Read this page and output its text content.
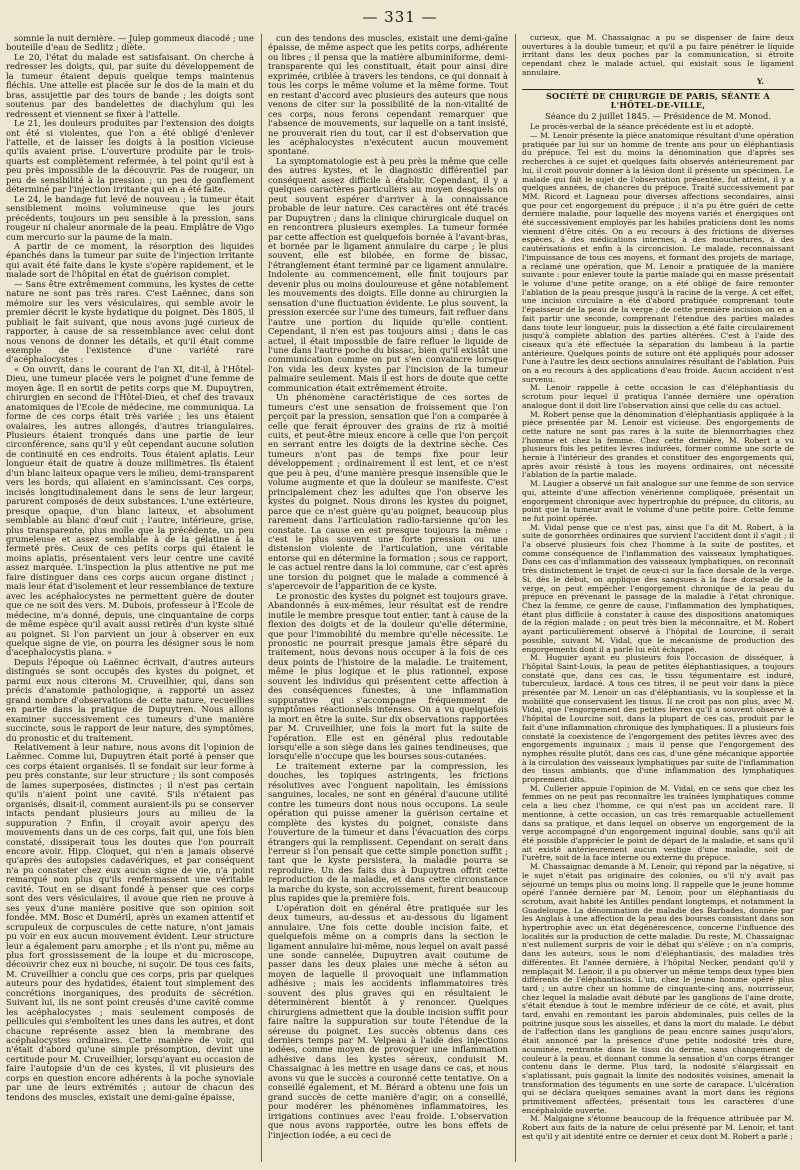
— 331 —

somnie la nuit dernière. — Julep gommeux diacodé ; une bouteille d'eau de Sedlitz ; diète.

Le 20, l'état du malade est satisfaisant. On cherche à redresser les doigts, qui, par suite du développement de la tumeur étaient depuis quelque temps maintenus fléchis. Une attelle est placée sur le dos de la main et du bras, assujettie par des tours de bande ; les doigts sont soutenus par des bandelettes de diachylum qui les redressent et viennent se fixer à l'attelle.

Le 21, les douleurs produites par l'extension des doigts ont été si violentes, que l'on a été obligé d'enlever l'attelle, et de laisser les doigts à la position vicieuse qu'ils avaient prise. L'ouverture produite par le trois-quarts est complètement refermée, à tel point qu'il est à peu près impossible de la découvrir. Pas de rougeur, un peu de sensibilité à la pression ; un peu de gonflement déterminé par l'injection irritante qui en a été faite.

Le 24, le bandage fut levé de nouveau ; la tumeur était sensiblement moins volumineuse que les jours précédents, toujours un peu sensible à la pression, sans rougeur ni chaleur anormale de la peau. Emplâtre de Vigo cum mercurio sur la paume de la main.

A partir de ce moment, la résorption des liquides épanchés dans la tumeur par suite de l'injection irritante qui avait été faite dans le kyste s'opère rapidement, et le malade sort de l'hôpital en état de guérison complet.

— Sans être extrêmement communs, les kystes de cette nature ne sont pas très rares. C'est Laënnec, dans son mémoire sur les vers vésiculaires, qui semble avoir le premier décrit le kyste hydatique du poignet. Dès 1805, il publiait le fait suivant, que nous avons jugé curieux de rapporter, à cause de sa ressemblance avec celui dont nous venons de donner les détails, et qu'il était comme exemple de l'existence d'une variété rare d'acéphalocystes :

« On ouvrit, dans le courant de l'an XI, dit-il, à l'Hôtel-Dieu, une tumeur placée vers le poignet d'une femme de moyen âge. Il en sortit de petits corps que M. Dupuytren, chirurgien en second de l'Hôtel-Dieu, et chef des travaux anatomiques de l'Ecole de médecine, me communiqua. La forme de ces corps était très variée ; les uns étaient ovalaires, les autres allongés, d'autres triangulaires. Plusieurs étaient tronqués dans une partie de leur circonférence, sans qu'il y eût cependant aucune solution de continuité en ces endroits. Tous étaient aplatis. Leur longueur était de quatre à douze millimètres. Ils étaient d'un blanc laiteux opaque vers le milieu, demi-transparent vers les bords, qui allaient en s'amincissant. Ces corps, incisés longitudinalement dans le sens de leur largeur, parurent composés de deux substances. L'une extérieure, presque opaque, d'un blanc laiteux, et absolument semblable au blanc d'œuf cuit ; l'autre, intérieure, grise, plus transparente, plus molle que la précédente, un peu grumeleuse et assez semblable à de la gélatine à la fermeté près. Ceux de ces petits corps qui étaient le moins aplatis, présentaient vers leur centre une cavité assez marquée. L'inspection la plus attentive ne put me faire distinguer dans ces corps aucun organe distinct ; mais leur état d'isolement et leur ressemblance de texture avec les acéphalocystes ne permettent guère de douter que ce ne soit des vers. M. Dubois, professeur à l'Ecole de médecine, m'a donné, depuis, une cinquantaine de corps de même espèce qu'il avait aussi retirés d'un kyste situé au poignet. Si l'on parvient un jour à observer en eux quelque signe de vie, on pourra les désigner sous le nom d'acephalocystis plana. »

Depuis l'époque où Laënnec écrivait, d'autres auteurs distingués se sont occupés des kystes du poignet, et parmi eux nous citerons M. Cruveilhier, qui, dans son précis d'anatomie pathologique, a rapporté un assez grand nombre d'observations de cette nature, recueillies en partie dans la pratique de Dupuytren. Nous allons examiner successivement ces tumeurs d'une manière succincte, sous le rapport de leur nature, des symptômes, du pronostic et du traitement.

Relativement à leur nature, nous avons dit l'opinion de Laënnec. Comme lui, Dupuytren était porté à penser que ces corps étaient organisés. Il se fondait sur leur forme à peu près constante, sur leur structure ; ils sont composés de lames superposées, distinctes ; il n'est pas certain qu'ils n'aient point une cavité. S'ils n'étaient pas organisés, disait-il, comment auraient-ils pu se conserver intacts pendant plusieurs jours au milieu de la suppuration ? Enfin, il croyait avoir aperçu des mouvements dans un de ces corps, fait qui, une fois bien constaté, dissiperait tous les doutes que l'on pourrait encore avoir. Hipp. Cloquet, qui n'en a jamais observé qu'après des autopsies cadavériques, et par conséquent n'a pu constater chez eux aucun signe de vie, n'a point remarqué non plus qu'ils renfermassent une véritable cavité. Tout en se disant fondé à penser que ces corps sont des vers vésiculaires, il avoue que rien ne prouve à ses yeux d'une manière positive que son opinion soit fondée. MM. Bosc et Duméril, après un examen attentif et scrupuleux de corpuscules de cette nature, n'ont jamais pu voir en eux aucun mouvement évident. Leur structure leur a également paru amorphe ; et ils n'ont pu, même au plus fort grossissement de la loupe et du microscope, découvrir chez eux ni bouche, ni suçoir. De tous ces faits, M. Cruveilhier a conclu que ces corps, pris par quelques auteurs pour des hydatides, étaient tout simplement des concrétions inorganiques, des produits de sécrétion. Suivant lui, ils ne sont point creusés d'une cavité comme les acéphalocystes ; mais seulement composés de pellicules qui s'emboîtent les unes dans les autres, et dont chacune représente assez bien la membrane des acéphalocystes ordinaires. Cette manière de voir, qui n'était d'abord qu'une simple présomption, devint une certitude pour M. Cruveilhier, lorsqu'ayant eu occasion de faire l'autopsie d'un de ces kystes, il vit plusieurs des corps en question encore adhérents à la poche synoviale par une de leurs extrémités ; autour de chacun des tendons des muscles, existait une demi-gaîne épaisse,

cun des tendons des muscles, existait une demi-gaîne épaisse, de même aspect que les petits corps, adhérente ou libres ; il pensa que la matière albuminiforme, demi-transparente qui les constituait, était pour ainsi dire exprimée, criblée à travers les tendons, ce qui donnait à tous les corps le même volume et la même forme. Tout en restant d'accord avec plusieurs des auteurs que nous venons de citer sur la possibilité de la non-vitalité de ces corps, nous ferons cependant remarquer que l'absence de mouvements, sur laquelle on a tant insisté, ne prouverait rien du tout, car il est d'observation que les acéphalocystes n'exécutent aucun mouvement spontané.

La symptomatologie est à peu près la même que celle des autres kystes, et le diagnostic différentiel par conséquent assez difficile à établir. Cependant, il y a quelques caractères particuliers au moyen desquels on peut souvent espérer d'arriver à la connaissance probable de leur nature. Ces caractères ont été tracés par Dupuytren ; dans la clinique chirurgicale duquel on en rencontrera plusieurs exemples. La tumeur formée par cette affection est quelquefois bornée à l'avant-bras, et bornée par le ligament annulaire du carpe ; le plus souvent, elle est bilobée, en forme de bissac, l'étranglement étant terminé par ce ligament annulaire. Indolente au commencement, elle finit toujours par devenir plus ou moins douloureuse et gêne notablement les mouvements des doigts. Elle donne au chirurgien la sensation d'une fluctuation évidente. Le plus souvent, la pression exercée sur l'une des tumeurs, fait refluer dans l'autre une portion du liquide qu'elle contient. Cependant, il n'en est pas toujours ainsi ; dans le cas actuel, il était impossible de faire refluer le liquide de l'une dans l'autre poche du bissac, bien qu'il existât une communication comme on put s'en convaincre lorsque l'on vida les deux kystes par l'incision de la tumeur palmaire seulement. Mais il est hors de doute que cette communication était extrêmement étroite.

Un phénomène caractéristique de ces sortes de tumeurs c'est une sensation de froissement que l'on perçoit par la pression, sensation que l'on a comparée à celle que ferait éprouver des grains de riz à moitié cuits, et peut-être mieux encore à celle que l'on perçoit en serrant entre les doigts de la dextrine sèche. Ces tumeurs n'ont pas de temps fixe pour leur développement ; ordinairement il est lent, et ce n'est que peu à peu, d'une manière presque insensible que le volume augmente et que la douleur se manifeste. C'est principalement chez les adultes que l'on observe les kystes du poignet. Nous dirons les kystes du poignet, parce que ce n'est guère qu'au poignet, beaucoup plus rarement dans l'articulation radio-tarsienne qu'on les constate. La cause en est presque toujours la même : c'est le plus souvent une forte pression ou une distension violente de l'articulation, une véritable entorse qui en détermine la formation ; sous ce rapport, le cas actuel rentre dans la loi commune, car c'est après une torsion du poignet que le malade a commencé à s'apercevoir de l'apparition de ce kyste.

Le pronostic des kystes du poignet est toujours grave. Abandonnés à eux-mêmes, leur résultat est de rendre inutile le membre presque tout entier, tant à cause de la flexion des doigts et de la douleur qu'elle détermine, que pour l'immobilité du membre qu'elle nécessite. Le pronostic ne pourrait presque jamais être séparé du traitement, nous devons nous occuper à la fois de ces deux points de l'histoire de la maladie. Le traitement, même le plus logique et le plus rationnel, expose souvent les individus qui présentent cette affection à des conséquences funestes, à une inflammation suppurative qui s'accompagne fréquemment de symptômes réactionnels intenses. On a vu quelquefois la mort en être la suite. Sur dix observations rapportées par M. Cruveilhier, une fois la mort fut la suite de l'opération. Elle est en général plus redoutable lorsqu'elle a son siège dans les gaines tendineuses, que lorsqu'elle n'occupe que les bourses sous-cutanées.

Le traitement externe par la compression, les douches, les topiques astringents, les frictions résolutives avec l'onguent napolitain, les émissions sanguines, locales, ne sont en général d'aucune utilité contre les tumeurs dont nous nous occupons. La seule opération qui puisse amener la guérison certaine et complète des kystes du poignet, consiste dans l'ouverture de la tumeur et dans l'évacuation des corps étrangers qui la remplissent. Cependant on serait dans l'erreur si l'on pensait que cette simple ponction suffit ; tant que le kyste persistera, la maladie pourra se reproduire. Un des faits dus à Dupuytren offrit cette reproduction de la maladie, et dans cette circonstance la marche du kyste, son accroissement, furent beaucoup plus rapides que la première fois.

L'opération doit en général être pratiquée sur les deux tumeurs, au-dessus et au-dessous du ligament annulaire. Une fois cette double incision faite, et quelquefois même on a compris dans la section le ligament annulaire lui-même, nous lequel on avait passé une sonde cannelée, Dupuytren avait coutume de passer dans les deux plaies une mèche à séton au moyen de laquelle il provoquait une inflammation adhésive ; mais les accidents inflammatoires très souvent des plus graves qui en résultaient le déterminèrent bientôt à y renoncer. Quelques chirurgiens admettent que la double incision suffit pour faire naître la suppuration sur toute l'étendue de la séreuse du poignet. Les succès obtenus dans ces derniers temps par M. Velpeau à l'aide des injections iodées, comme moyen de provoquer une inflammation adhésive dans les kystes séreux, conduisit M. Chassaignac à les mettre en usage dans ce cas, et nous avons vu que le succès a couronné cette tentative. On a conseillé également, et M. Bérard a obtenu une fois un grand succès de cette manière d'agir, on a conseillé, pour modérer les phénomènes inflammatoires, les irrigations continues avec l'eau froide. L'observation que nous avons rapportée, outre les bons effets de l'injection iodée, a eu ceci de

curieux, que M. Chassaignac a pu se dispenser de faire deux ouvertures à la double tumeur, et qu'il a pu faire pénétrer le liquide irritant dans les deux poches par la communication, si étroite cependant chez le malade actuel, qui existait sous le ligament annulaire.

Y.

SOCIÉTÉ DE CHIRURGIE DE PARIS, SÉANTE A L'HÔTEL-DE-VILLE,

Séance du 2 juillet 1845. — Présidence de M. Monod.

Le procès-verbal de la séance précédente est lu et adopté.

— M. Lenoir présente la pièce anatomique résultant d'une opération pratiquée par lui sur un homme de trente ans pour un éléphantiasis du prépuce. Tel est du moins la dénomination que d'après ses recherches à ce sujet et quelques faits observés antérieurement par lui, il croit pouvoir donner à la lésion dont il présente un spécimen. Le malade qui fait le sujet de l'observation présentée, fut atteint, il y a quelques années, de chancres du prépuce. Traité successivement par MM. Ricord et Lagneau pour diverses affections secondaires, ainsi que pour cet engorgement du prépuce ; il n'a pu être guéri de cette dernière maladie, pour laquelle des moyens variés et énergiques ont été successivement employés par les habiles praticiens dont les noms viennent d'être cités. On a eu recours à des frictions de diverses espèces, à des médications internes, à des mouchetures, à des cautérisations et enfin à la circoncision. Le malade, reconnaissant l'impuissance de tous ces moyens, et formant des projets de mariage, a réclamé une opération, que M. Lenoir a pratiquée de la manière suivante : pour enlever toute la partie malade qui en masse présentait le volume d'une petite orange, on a été obligé de faire remonter l'ablation de la peau presque jusqu'à la racine de la verge. A cet effet, une incision circulaire a été d'abord pratiquée comprenant toute l'épaisseur de la peau de la verge ; de cette première incision on en a fait partir une seconde, comprenant l'étendue des parties malades dans toute leur longueur, puis la dissection a été faite circulairement jusqu'à complète ablation des parties altérées. C'est à l'aide des ciseaux qu'a été effectuée la séparation du lambeau à la partie antérieure. Quelques points de suture ont été appliqués pour adosser l'une à l'autre les deux sections annulaires résultant de l'ablation. Puis on a eu recours à des applications d'eau froide. Aucun accident n'est survenu.

M. Lenoir rappelle à cette occasion le cas d'éléphantiasis du scrotum pour lequel il pratiqua l'année dernière une opération analogue dont il doit lire l'observation ainsi que celle du cas actuel.

M. Robert pense que la dénomination d'éléphantiasis appliquée à la pièce présentée par M. Lenoir est vicieuse. Des engorgements de cette nature ne sont pas rares à la suite de blennorrhagies chez l'homme et chez la femme. Chez cette dernière, M. Robert a vu plusieurs fois les petites lèvres indurées, former comme une sorte de hernie à l'intérieur des grandes et constituer des engorgements qui, après avoir résisté à tous les moyens ordinaires, ont nécessité l'ablation de la partie malade.

M. Laugier a observé un fait analogue sur une femme de son service qui, atteinte d'une affection vénérienne compliquée, présentait un engorgement chronique avec hypertrophie du prépuce, du clitoris, au point que la tumeur avait le volume d'une petite poire. Cette femme ne fut point opérée.

M. Vidal pense que ce n'est pas, ainsi que l'a dit M. Robert, à la suite de gonorrhées ordinaires que survient l'accident dont il s'agit ; il l'a observé plusieurs fois chez l'homme à la suite de postites, et comme conséquence de l'inflammation des vaisseaux lymphatiques. Dans ces cas d'inflammation des vaisseaux lymphatiques, on reconnaît très distinctement le trajet de ceux-ci sur la face dorsale de la verge. Si, dès le début, on applique des sangsues à la face dorsale de la verge, on peut empêcher l'engorgement chronique de la peau du prépuce en prévenant le passage de la maladie à l'état chronique. Chez la femme, ce genre de cause, l'inflammation des lymphatiques, étant plus difficile à constater à cause des dispositions anatomiques de la région malade ; on peut très bien la méconnaître, et M. Robert ayant particulièrement observé à l'hôpital de Lourcine, il serait possible, suivant M. Vidal, que le mécanisme de production des engorgements dont il a parlé lui eût échappé.

M. Huguier ayant eu plusieurs fois l'occasion de disséquer, à l'hôpital Saint-Louis, la peau de petites éléphantiasiques, a toujours constaté que, dans ces cas, le tissu tégumentaire est induré, tuberculeux, lardacé. A tous ces titres, il ne peut voir dans la pièce présentée par M. Lenoir un cas d'éléphantiasis, vu la souplesse et la mobilité que conservaient les tissus. Il ne croit pas non plus, avec M. Vidal, que l'engorgement des petites lèvres qu'il a souvent observé à l'hôpital de Lourcine soit, dans la plupart de ces cas, produit par le fait d'une inflammation chronique des lymphatiques. Il a plusieurs fois constaté la coexistence de l'engorgement des petites lèvres avec des engorgements inguinaux ; mais il pense que l'engorgement des nymphes résulte plutôt, dans ces cas, d'une gêne mécanique apportée à la circulation des vaisseaux lymphatiques par suite de l'inflammation des tissus ambiants, que d'une inflammation des lymphatiques proprement dits.

M. Cullerier appuie l'opinion de M. Vidal, en ce sens que chez les femmes on ne peut pas reconnaître les traînées lymphatiques comme cela a lieu chez l'homme, ce qui n'est pas un accident rare. Il mentionne, à cette occasion, un cas très remarquable actuellement dans sa pratique, et dans lequel on observe un engorgement de la verge accompagné d'un engorgement inguinal double, sans qu'il ait été possible d'apprécier le point de départ de la maladie, et sans qu'il ait existé antérieurement aucun vestige d'une maladie, soit de l'urètre, soit de la face interne ou externe du prépuce.

M. Chassaignac demande à M. Lenoir, qui répond par la négative, si le sujet n'était pas originaire des colonies, ou s'il n'y avait pas séjourné un temps plus ou moins long. Il rappelle que le jeune homme opéré l'année dernière par M. Lenoir, pour un éléphantiasis du scrotum, avait habité les Antilles pendant longtemps, et notamment la Guadeloupe. La dénomination de maladie des Barbades, donnée par les Anglais à une affection de la peau des bourses consistant dans son hypertrophie avec un état dégénérescence, concerne l'influence des localités sur la production de cette maladie. Du reste, M. Chassaignac n'est nullement surpris de voir le débat qui s'élève ; on n'a compris, dans les auteurs, sous le nom d'éléphantiasis, des maladies très différentes. Et l'année dernière, à l'hôpital Necker, pendant qu'il y remplaçait M. Lenoir, il a pu observer un même temps deux types bien différents de l'éléphantiasis. L'un, chez le jeune homme opéré plus tard ; un autre chez un homme de cinquante-cinq ans, nourrisseur, chez lequel la maladie avait débuté par les ganglions de l'aine droite, s'était étendue à tout le membre inférieur de ce côté, et avait, plus tard, envahi en remontant les parois abdominales, puis celles de la poitrine jusque sous les aisselles, et dans la mort du malade. Le début de l'affection dans les ganglions de peau encore saines jusqu'alors, était annoncé par la présence d'une petite nodosité très dure, acuminée, rentrante dans le tissu du derme, sans changement de couleur à la peau, et donnant comme la sensation d'un corps étranger contenu dans le derme. Plus tard, la nodosité s'élargissait en s'aplatissant, puis gagnait la limite des nodosités voisines, amenait la transformation des téguments en une sorte de carapace. L'ulcération qui se déclara quelques semaines avant la mort dans les régions primitivement affectées, présentait tous les caractères d'une encéphaloïde ouverte.

M. Malgaigne s'étonne beaucoup de la fréquence attribuée par M. Robert aux faits de la nature de celui présenté par M. Lenoir, et tant est qu'il y ait identité entre ce dernier et ceux dont M. Robert a parlé ;
